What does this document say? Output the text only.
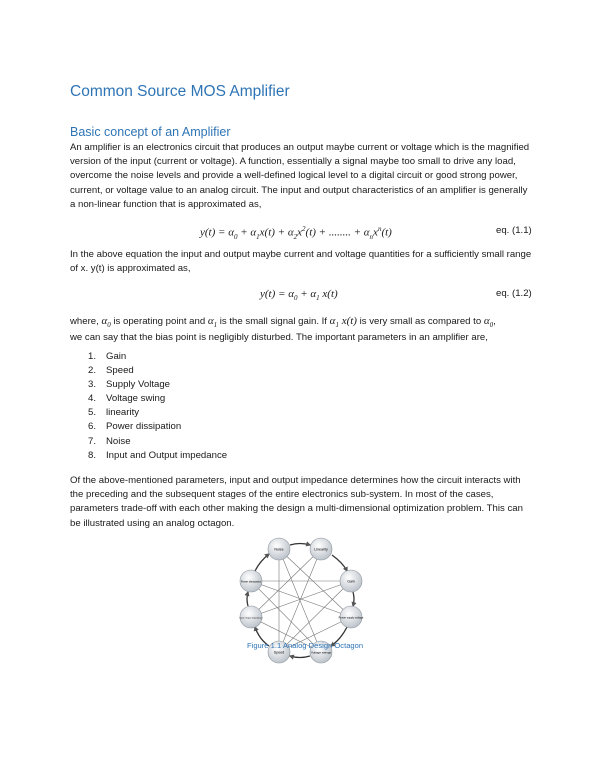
Common Source MOS Amplifier
Basic concept of an Amplifier
An amplifier is an electronics circuit that produces an output maybe current or voltage which is the magnified version of the input (current or voltage). A function, essentially a signal maybe too small to drive any load, overcome the noise levels and provide a well-defined logical level to a digital circuit or good strong power, current, or voltage value to an analog circuit. The input and output characteristics of an amplifier is generally a non-linear function that is approximated as,
$y(t) = \alpha_0 + \alpha_1x(t) + \alpha_2x^2(t)$ + ........ + $\alpha_nx^n(t)$	eq. (1.1)
In the above equation the input and output maybe current and voltage quantities for a sufficiently small range of x. y(t) is approximated as,
$y(t) = \alpha_0 + \alpha_1$ x(t)	eq. (1.2)
where, $\alpha_0$ is operating point and $\alpha_1$ is the small signal gain. If $\alpha_1$ x(t) is very small as compared to $\alpha_0$,
we can say that the bias point is negligibly disturbed. The important parameters in an amplifier are,
1.	Gain
2.	Speed
3.	Supply Voltage
4.	Voltage swing
5.	linearity
6.	Power dissipation
7.	Noise
8.	Input and Output impedance
Of the above-mentioned parameters, input and output impedance determines how the circuit interacts with the preceding and the subsequent stages of the entire electronics sub-system. In most of the cases, parameters trade-off with each other making the design a multi-dimensional optimization problem. This can be illustrated using an analog octagon.
Noise	Linearity
Gain
Power supply voltage
Voltage swings
Speed
Input Output impedance
Power dissipation
Figure 1.1 Analog Design Octagon
